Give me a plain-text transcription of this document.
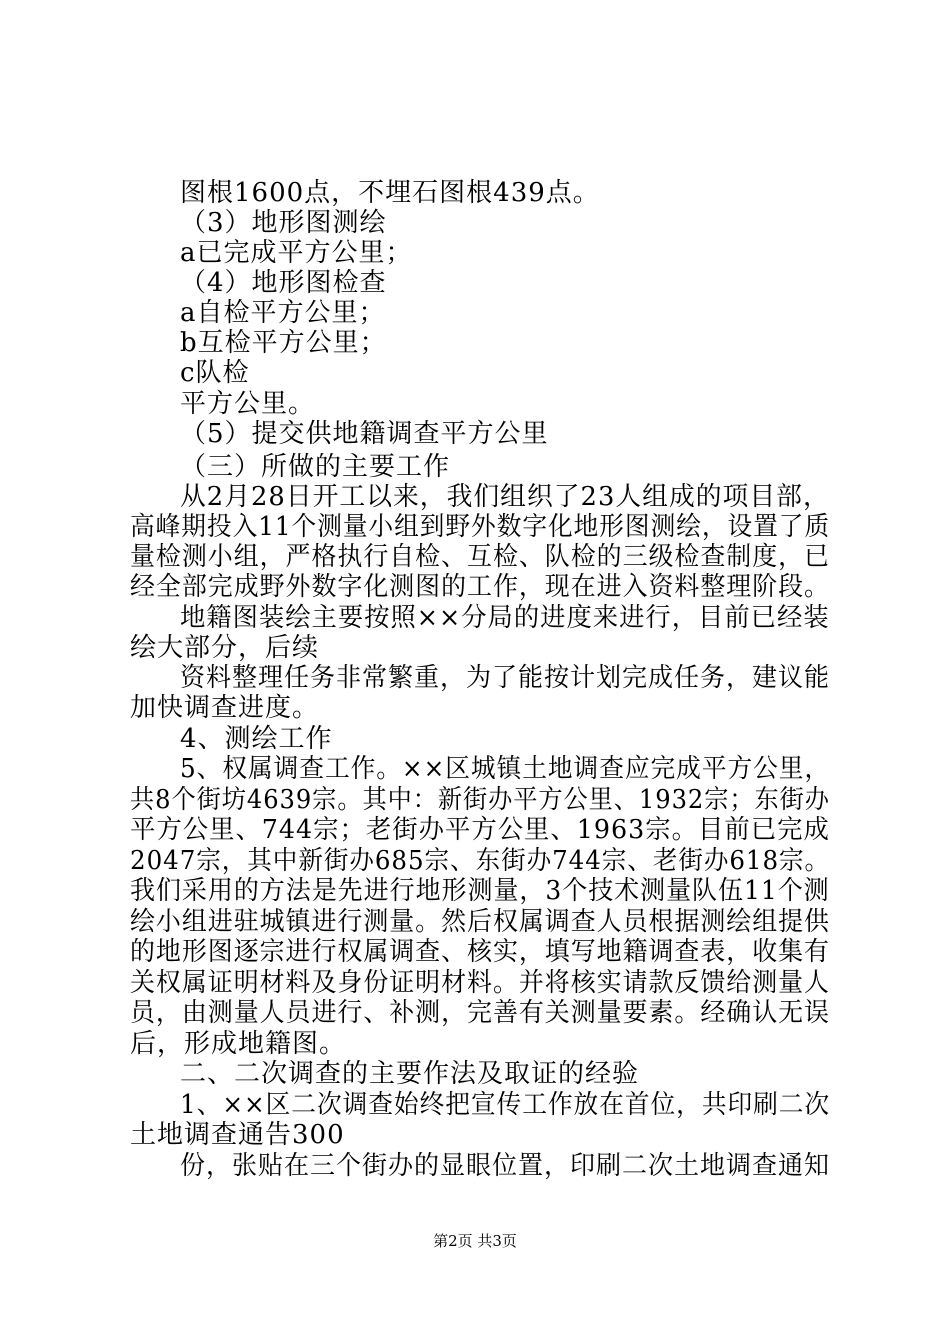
图根1600点，不埋石图根439点。
（3）地形图测绘
a已完成平方公里；
（4）地形图检查
a自检平方公里；
b互检平方公里；
c队检
平方公里。
（5）提交供地籍调查平方公里
（三）所做的主要工作
从2月28日开工以来，我们组织了23人组成的项目部，
高峰期投入11个测量小组到野外数字化地形图测绘，设置了质
量检测小组，严格执行自检、互检、队检的三级检查制度，已
经全部完成野外数字化测图的工作，现在进入资料整理阶段。
地籍图装绘主要按照××分局的进度来进行，目前已经装
绘大部分，后续
资料整理任务非常繁重，为了能按计划完成任务，建议能
加快调查进度。
4、测绘工作
5、权属调查工作。××区城镇土地调查应完成平方公里，
共8个街坊4639宗。其中：新街办平方公里、1932宗；东街办
平方公里、744宗；老街办平方公里、1963宗。目前已完成
2047宗，其中新街办685宗、东街办744宗、老街办618宗。
我们采用的方法是先进行地形测量，3个技术测量队伍11个测
绘小组进驻城镇进行测量。然后权属调查人员根据测绘组提供
的地形图逐宗进行权属调查、核实，填写地籍调查表，收集有
关权属证明材料及身份证明材料。并将核实请款反馈给测量人
员，由测量人员进行、补测，完善有关测量要素。经确认无误
后，形成地籍图。
二、二次调查的主要作法及取证的经验
1、××区二次调查始终把宣传工作放在首位，共印刷二次
土地调查通告300
份，张贴在三个街办的显眼位置，印刷二次土地调查通知
第2页 共3页
